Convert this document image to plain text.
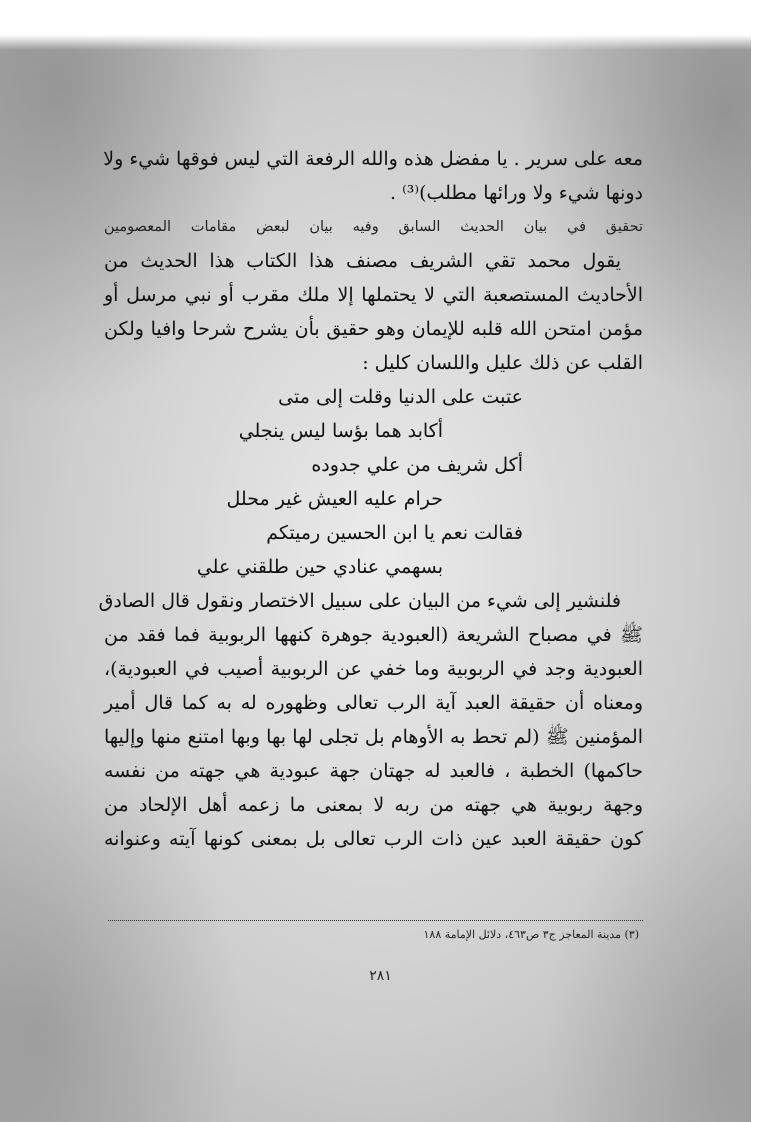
معه على سرير . يا مفضل هذه والله الرفعة التي ليس فوقها شيء ولا
دونها شيء ولا ورائها مطلب)⁽³⁾ .
تحقيق في بيان الحديث السابق وفيه بيان لبعض مقامات المعصومين
يقول محمد تقي الشريف مصنف هذا الكتاب هذا الحديث من
الأحاديث المستصعبة التي لا يحتملها إلا ملك مقرب أو نبي مرسل أو
مؤمن امتحن الله قلبه للإيمان وهو حقيق بأن يشرح شرحا وافيا ولكن
القلب عن ذلك عليل واللسان كليل :
عتبت على الدنيا وقلت إلى متى
أكابد هما بؤسا ليس ينجلي
أكل شريف من علي جدوده
حرام عليه العيش غير محلل
فقالت نعم يا ابن الحسين رميتكم
بسهمي عنادي حين طلقني علي
فلنشير إلى شيء من البيان على سبيل الاختصار ونقول قال الصادق
ﷺ في مصباح الشريعة (العبودية جوهرة كنهها الربوبية فما فقد من
العبودية وجد في الربوبية وما خفي عن الربوبية أصيب في العبودية)،
ومعناه أن حقيقة العبد آية الرب تعالى وظهوره له به كما قال أمير
المؤمنين ﷺ (لم تحط به الأوهام بل تجلى لها بها وبها امتنع منها وإليها
حاكمها) الخطبة ، فالعبد له جهتان جهة عبودية هي جهته من نفسه
وجهة ربوبية هي جهته من ربه لا بمعنى ما زعمه أهل الإلحاد من
كون حقيقة العبد عين ذات الرب تعالى بل بمعنى كونها آيته وعنوانه
(٣) مدينة المعاجز ج٣ ص٤٦٣، دلائل الإمامة ١٨٨
٢٨١
